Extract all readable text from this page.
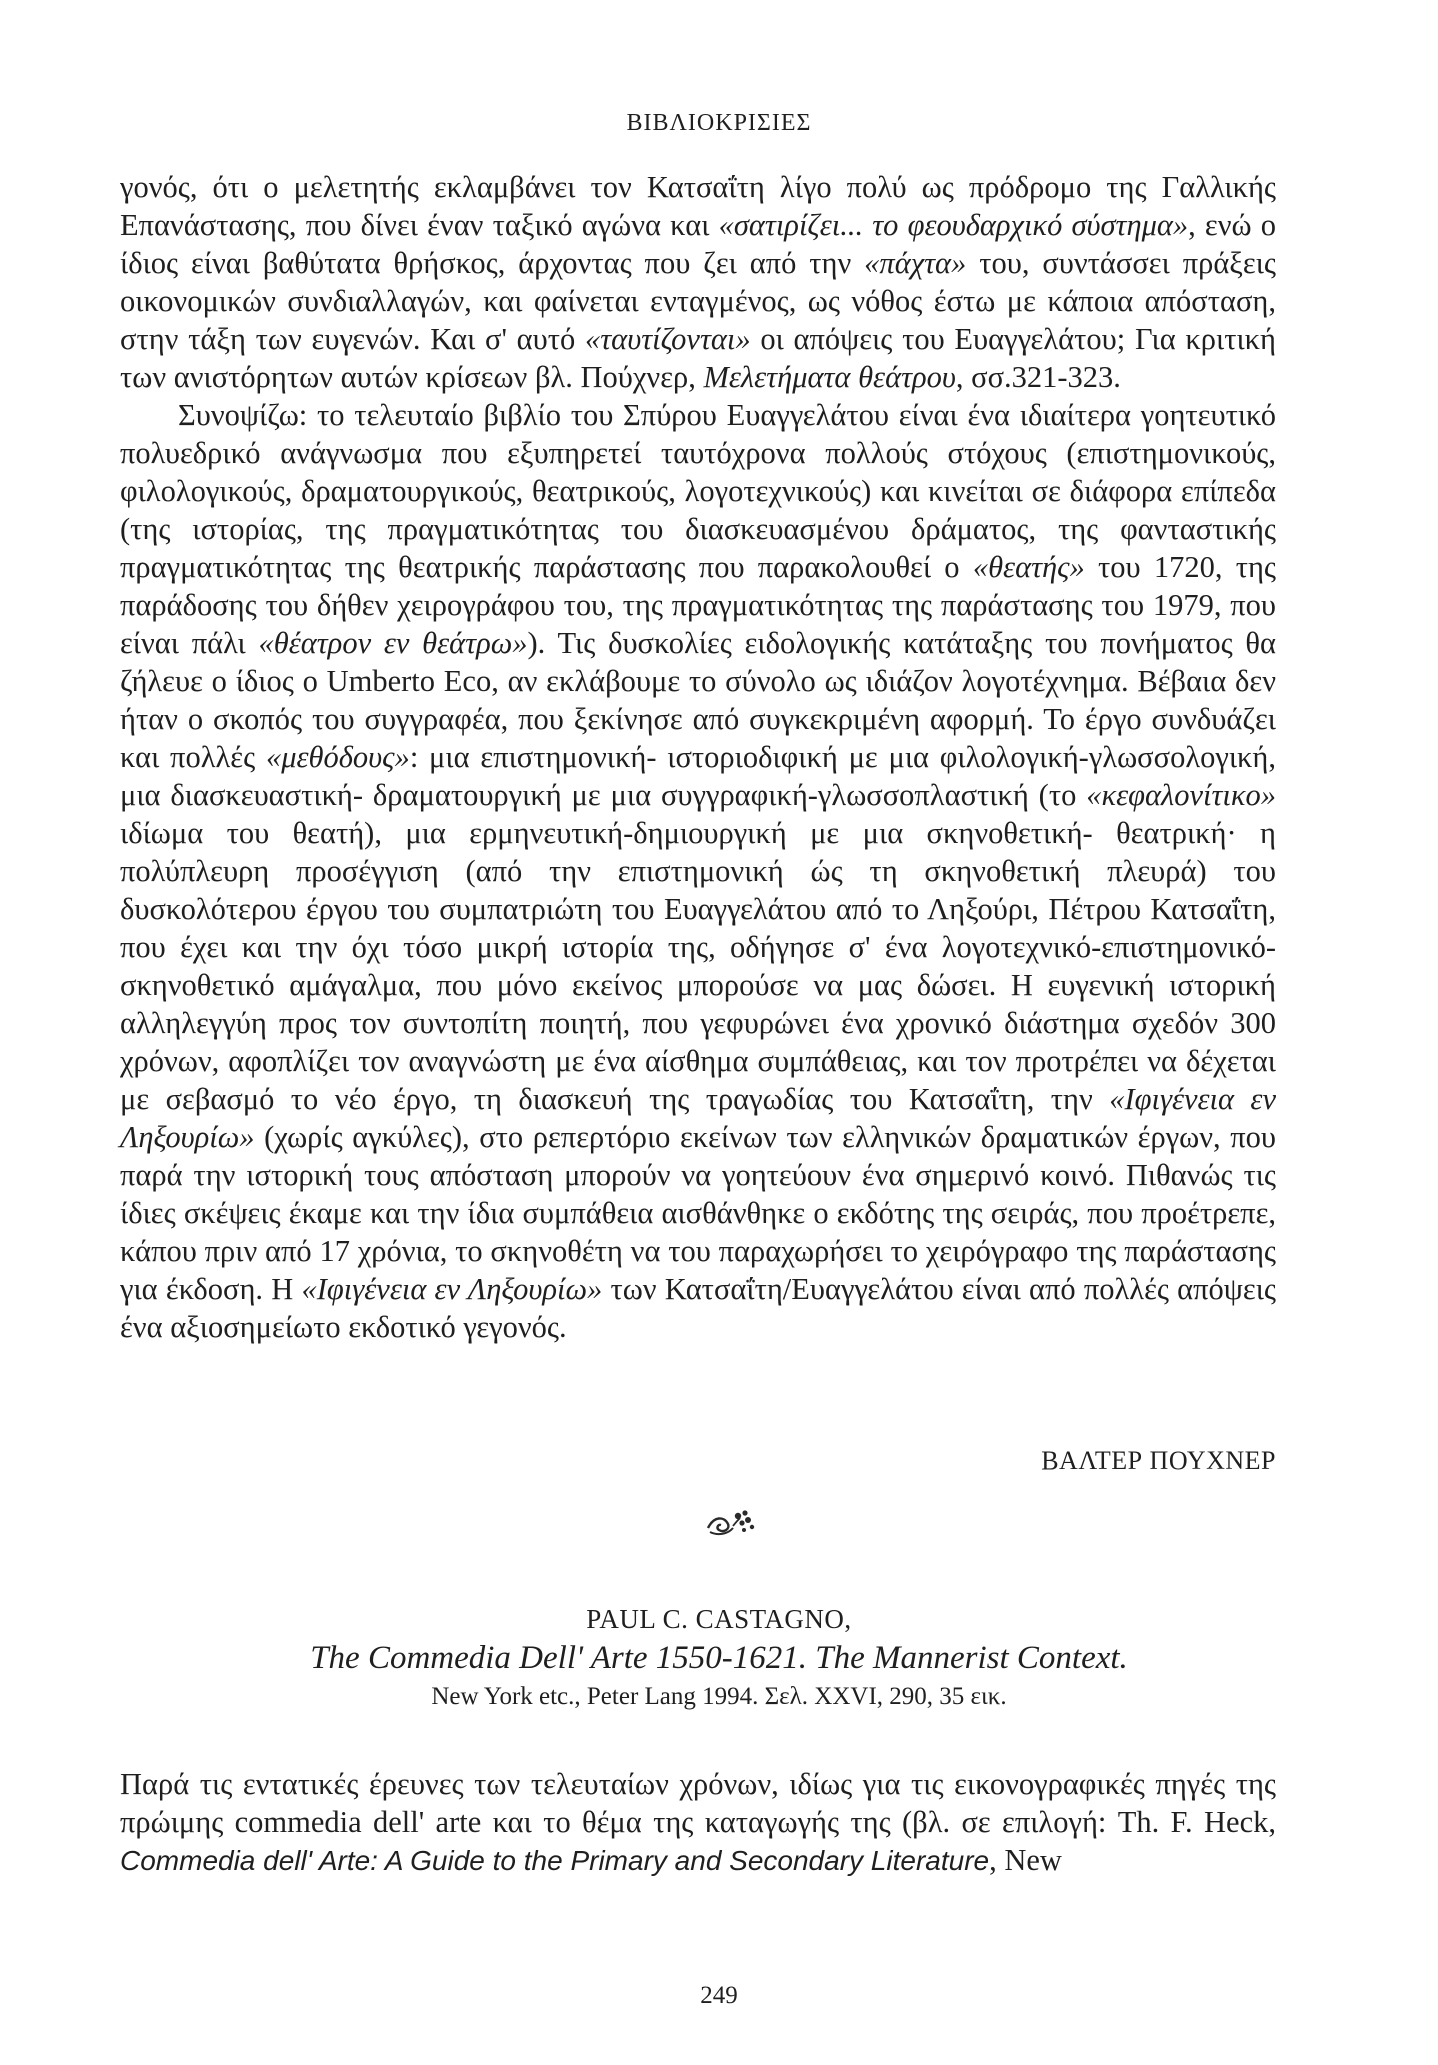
ΒΙΒΛΙΟΚΡΙΣΙΕΣ

γονός, ότι ο μελετητής εκλαμβάνει τον Κατσαΐτη λίγο πολύ ως πρόδρομο της Γαλλικής Επανάστασης, που δίνει έναν ταξικό αγώνα και «σατιρίζει... το φεουδαρχικό σύστημα», ενώ ο ίδιος είναι βαθύτατα θρήσκος, άρχοντας που ζει από την «πάχτα» του, συντάσσει πράξεις οικονομικών συνδιαλλαγών, και φαίνεται ενταγμένος, ως νόθος έστω με κάποια απόσταση, στην τάξη των ευγενών. Και σ' αυτό «ταυτίζονται» οι απόψεις του Ευαγγελάτου; Για κριτική των ανιστόρητων αυτών κρίσεων βλ. Πούχνερ, Μελετήματα θεάτρου, σσ.321-323.

Συνοψίζω: το τελευταίο βιβλίο του Σπύρου Ευαγγελάτου είναι ένα ιδιαίτερα γοητευτικό πολυεδρικό ανάγνωσμα που εξυπηρετεί ταυτόχρονα πολλούς στόχους (επιστημονικούς, φιλολογικούς, δραματουργικούς, θεατρικούς, λογοτεχνικούς) και κινείται σε διάφορα επίπεδα (της ιστορίας, της πραγματικότητας του διασκευασμένου δράματος, της φανταστικής πραγματικότητας της θεατρικής παράστασης που παρακολουθεί ο «θεατής» του 1720, της παράδοσης του δήθεν χειρογράφου του, της πραγματικότητας της παράστασης του 1979, που είναι πάλι «θέατρον εν θεάτρω»). Τις δυσκολίες ειδολογικής κατάταξης του πονήματος θα ζήλευε ο ίδιος ο Umberto Eco, αν εκλάβουμε το σύνολο ως ιδιάζον λογοτέχνημα. Βέβαια δεν ήταν ο σκοπός του συγγραφέα, που ξεκίνησε από συγκεκριμένη αφορμή. Το έργο συνδυάζει και πολλές «μεθόδους»: μια επιστημονική- ιστοριοδιφική με μια φιλολογική-γλωσσολογική, μια διασκευαστική- δραματουργική με μια συγγραφική-γλωσσοπλαστική (το «κεφαλονίτικο» ιδίωμα του θεατή), μια ερμηνευτική-δημιουργική με μια σκηνοθετική- θεατρική· η πολύπλευρη προσέγγιση (από την επιστημονική ώς τη σκηνοθετική πλευρά) του δυσκολότερου έργου του συμπατριώτη του Ευαγγελάτου από το Ληξούρι, Πέτρου Κατσαΐτη, που έχει και την όχι τόσο μικρή ιστορία της, οδήγησε σ' ένα λογοτεχνικό-επιστημονικό-σκηνοθετικό αμάγαλμα, που μόνο εκείνος μπορούσε να μας δώσει. Η ευγενική ιστορική αλληλεγγύη προς τον συντοπίτη ποιητή, που γεφυρώνει ένα χρονικό διάστημα σχεδόν 300 χρόνων, αφοπλίζει τον αναγνώστη με ένα αίσθημα συμπάθειας, και τον προτρέπει να δέχεται με σεβασμό το νέο έργο, τη διασκευή της τραγωδίας του Κατσαΐτη, την «Ιφιγένεια εν Ληξουρίω» (χωρίς αγκύλες), στο ρεπερτόριο εκείνων των ελληνικών δραματικών έργων, που παρά την ιστορική τους απόσταση μπορούν να γοητεύουν ένα σημερινό κοινό. Πιθανώς τις ίδιες σκέψεις έκαμε και την ίδια συμπάθεια αισθάνθηκε ο εκδότης της σειράς, που προέτρεπε, κάπου πριν από 17 χρόνια, το σκηνοθέτη να του παραχωρήσει το χειρόγραφο της παράστασης για έκδοση. Η «Ιφιγένεια εν Ληξουρίω» των Κατσαΐτη/Ευαγγελάτου είναι από πολλές απόψεις ένα αξιοσημείωτο εκδοτικό γεγονός.

ΒΑΛΤΕΡ ΠΟΥΧΝΕΡ
PAUL C. CASTAGNO,
The Commedia Dell' Arte 1550-1621. The Mannerist Context.
New York etc., Peter Lang 1994. Σελ. XXVI, 290, 35 εικ.

Παρά τις εντατικές έρευνες των τελευταίων χρόνων, ιδίως για τις εικονογραφικές πηγές της πρώιμης commedia dell' arte και το θέμα της καταγωγής της (βλ. σε επιλογή: Th. F. Heck, Commedia dell' Arte: A Guide to the Primary and Secondary Literature, New

249
